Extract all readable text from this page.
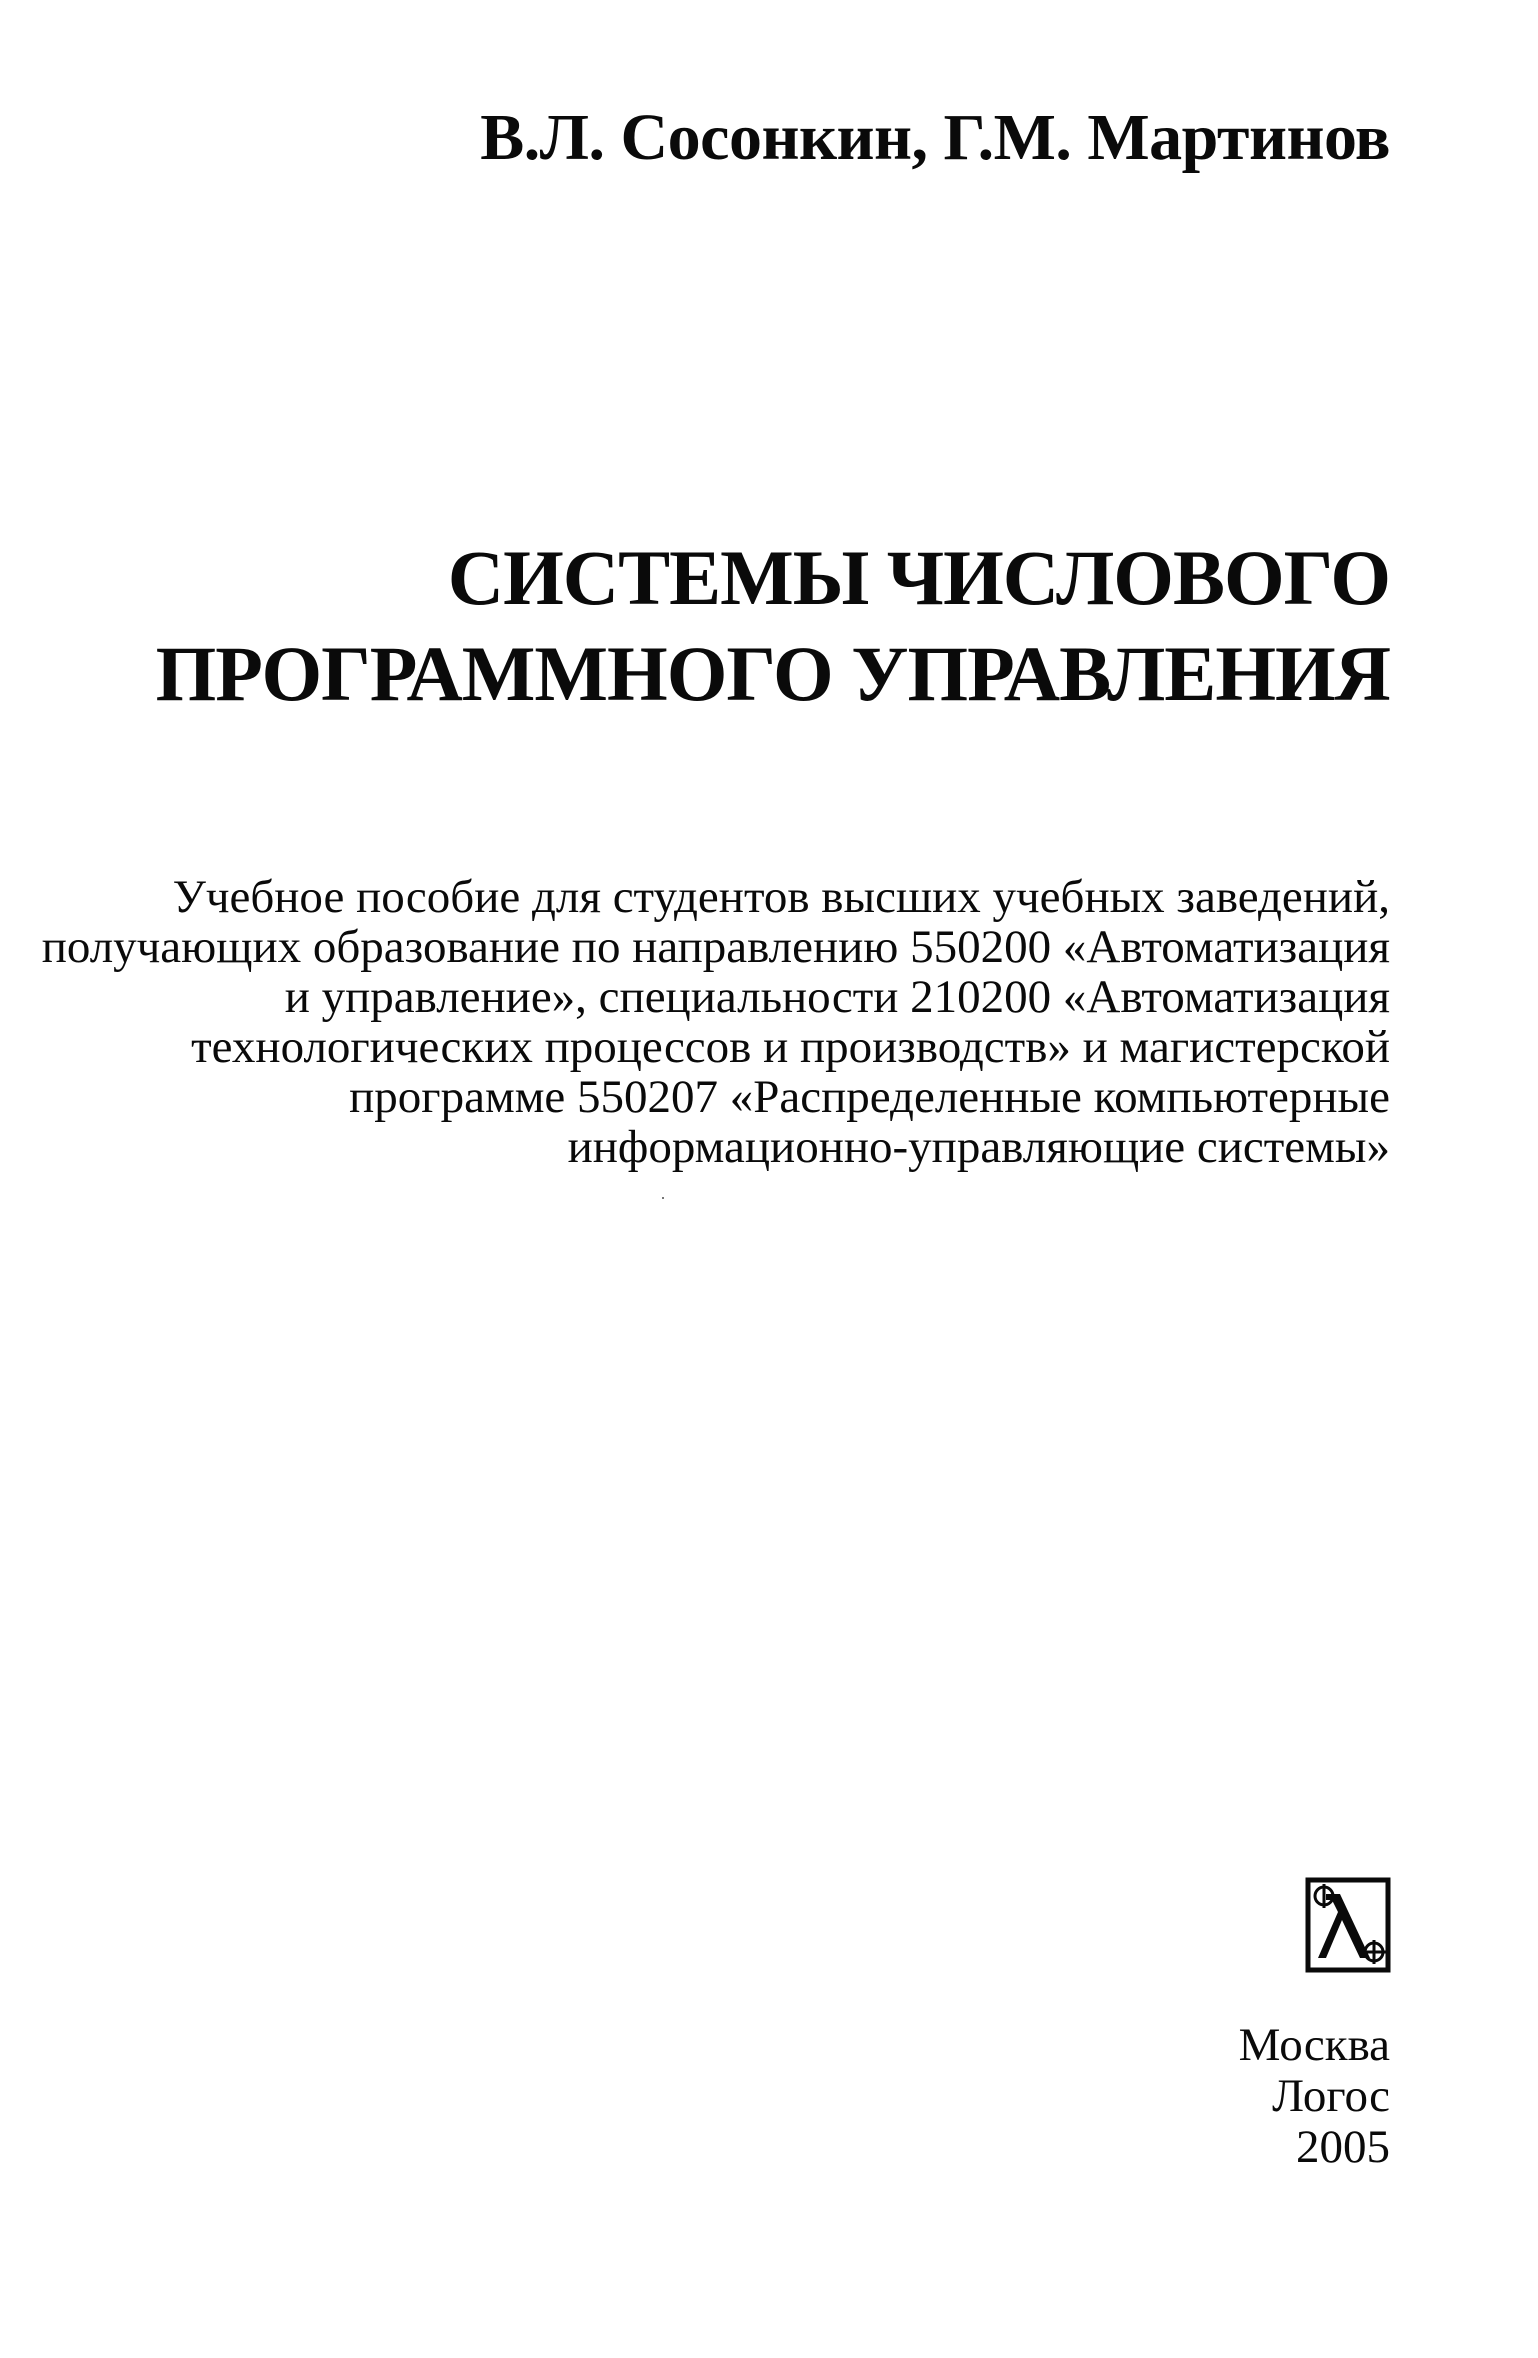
В.Л. Сосонкин, Г.М. Мартинов
СИСТЕМЫ ЧИСЛОВОГО
ПРОГРАММНОГО УПРАВЛЕНИЯ
Учебное пособие для студентов высших учебных заведений,
получающих образование по направлению 550200 «Автоматизация
и управление», специальности 210200 «Автоматизация
технологических процессов и производств» и магистерской
программе 550207 «Распределенные компьютерные
информационно-управляющие системы»
Москва
Логос
2005
